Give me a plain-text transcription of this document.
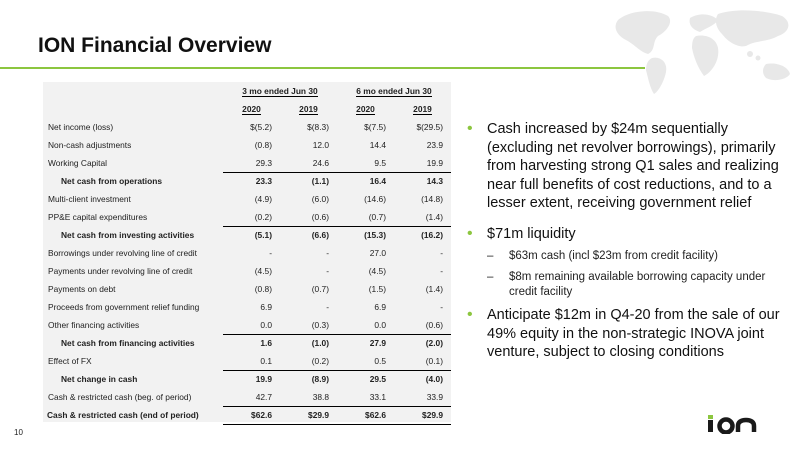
ION Financial Overview
	3 mo ended Jun 30		6 mo ended Jun 30	
	2020	2019	2020	2019
Net income (loss)	$(5.2)	$(8.3)	$(7.5)	$(29.5)
Non-cash adjustments	(0.8)	12.0	14.4	23.9
Working Capital	29.3	24.6	9.5	19.9
Net cash from operations	23.3	(1.1)	16.4	14.3
Multi-client investment	(4.9)	(6.0)	(14.6)	(14.8)
PP&E capital expenditures	(0.2)	(0.6)	(0.7)	(1.4)
Net cash from investing activities	(5.1)	(6.6)	(15.3)	(16.2)
Borrowings under revolving line of credit	-	-	27.0	-
Payments under revolving line of credit	(4.5)	-	(4.5)	-
Payments on debt	(0.8)	(0.7)	(1.5)	(1.4)
Proceeds from government relief funding	6.9	-	6.9	-
Other financing activities	0.0	(0.3)	0.0	(0.6)
Net cash from financing activities	1.6	(1.0)	27.9	(2.0)
Effect of FX	0.1	(0.2)	0.5	(0.1)
Net change in cash	19.9	(8.9)	29.5	(4.0)
Cash & restricted cash (beg. of period)	42.7	38.8	33.1	33.9
Cash & restricted cash (end of period)	$62.6	$29.9	$62.6	$29.9
• Cash increased by $24m sequentially (excluding net revolver borrowings), primarily from harvesting strong Q1 sales and realizing near full benefits of cost reductions, and to a lesser extent, receiving government relief
• $71m liquidity
– $63m cash (incl $23m from credit facility)
– $8m remaining available borrowing capacity under credit facility
• Anticipate $12m in Q4-20 from the sale of our 49% equity in the non-strategic INOVA joint venture, subject to closing conditions
10
